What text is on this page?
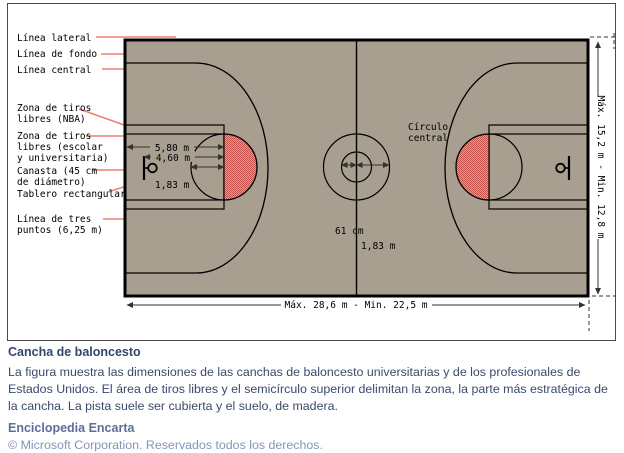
Línea lateral
Línea de fondo
Línea central
Zona de tiros
libres (NBA)
Zona de tiros
libres (escolar
y universitaria)
Canasta (45 cm
de diámetro)
Tablero rectangular
Línea de tres
puntos (6,25 m)
Círculo
central
5,80 m
4,60 m
1,83 m
61 cm
1,83 m
Máx. 28,6 m - Min. 22,5 m
Máx. 15,2 m - Min. 12,8 m

Cancha de baloncesto

La figura muestra las dimensiones de las canchas de baloncesto universitarias y de los profesionales de Estados Unidos. El área de tiros libres y el semicírculo superior delimitan la zona, la parte más estratégica de la cancha. La pista suele ser cubierta y el suelo, de madera.

Enciclopedia Encarta

© Microsoft Corporation. Reservados todos los derechos.
